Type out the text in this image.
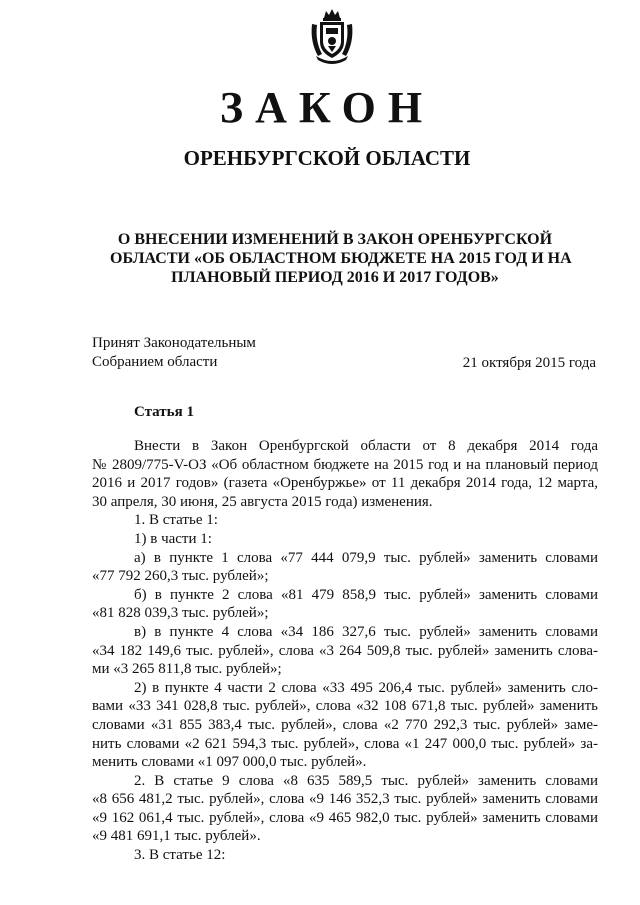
ЗАКОН
ОРЕНБУРГСКОЙ ОБЛАСТИ
О ВНЕСЕНИИ ИЗМЕНЕНИЙ В ЗАКОН ОРЕНБУРГСКОЙ
ОБЛАСТИ «ОБ ОБЛАСТНОМ БЮДЖЕТЕ НА 2015 ГОД И НА
ПЛАНОВЫЙ ПЕРИОД 2016 И 2017 ГОДОВ»
Принят Законодательным
Собранием области	21 октября 2015 года
Статья 1
Внести в Закон Оренбургской области от 8 декабря 2014 года
№ 2809/775-V-ОЗ «Об областном бюджете на 2015 год и на плановый период
2016 и 2017 годов» (газета «Оренбуржье» от 11 декабря 2014 года, 12 марта,
30 апреля, 30 июня, 25 августа 2015 года) изменения.
1. В статье 1:
1) в части 1:
а) в пункте 1 слова «77 444 079,9 тыс. рублей» заменить словами
«77 792 260,3 тыс. рублей»;
б) в пункте 2 слова «81 479 858,9 тыс. рублей» заменить словами
«81 828 039,3 тыс. рублей»;
в) в пункте 4 слова «34 186 327,6 тыс. рублей» заменить словами
«34 182 149,6 тыс. рублей», слова «3 264 509,8 тыс. рублей» заменить слова-
ми «3 265 811,8 тыс. рублей»;
2) в пункте 4 части 2 слова «33 495 206,4 тыс. рублей» заменить сло-
вами «33 341 028,8 тыс. рублей», слова «32 108 671,8 тыс. рублей» заменить
словами «31 855 383,4 тыс. рублей», слова «2 770 292,3 тыс. рублей» заме-
нить словами «2 621 594,3 тыс. рублей», слова «1 247 000,0 тыс. рублей» за-
менить словами «1 097 000,0 тыс. рублей».
2. В статье 9 слова «8 635 589,5 тыс. рублей» заменить словами
«8 656 481,2 тыс. рублей», слова «9 146 352,3 тыс. рублей» заменить словами
«9 162 061,4 тыс. рублей», слова «9 465 982,0 тыс. рублей» заменить словами
«9 481 691,1 тыс. рублей».
3. В статье 12:
